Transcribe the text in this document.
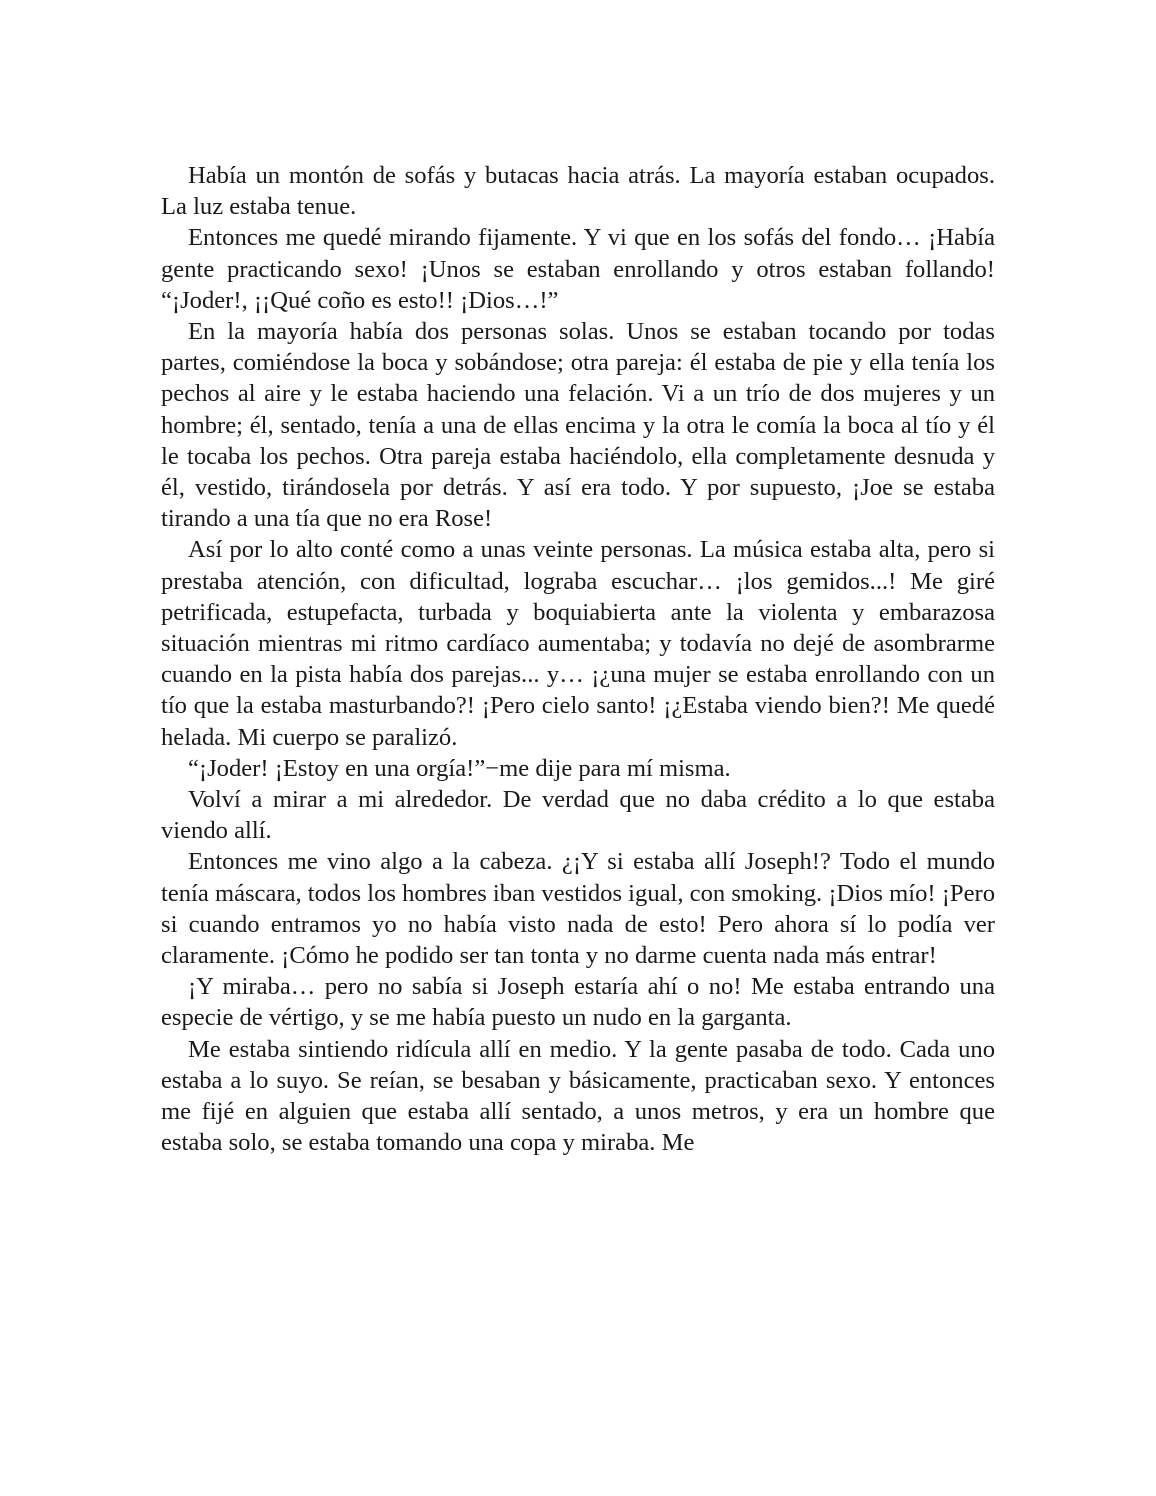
Había un montón de sofás y butacas hacia atrás. La mayoría estaban ocupados. La luz estaba tenue.

Entonces me quedé mirando fijamente. Y vi que en los sofás del fondo… ¡Había gente practicando sexo! ¡Unos se estaban enrollando y otros estaban follando! “¡Joder!, ¡¡Qué coño es esto!! ¡Dios…!”

En la mayoría había dos personas solas. Unos se estaban tocando por todas partes, comiéndose la boca y sobándose; otra pareja: él estaba de pie y ella tenía los pechos al aire y le estaba haciendo una felación. Vi a un trío de dos mujeres y un hombre; él, sentado, tenía a una de ellas encima y la otra le comía la boca al tío y él le tocaba los pechos. Otra pareja estaba haciéndolo, ella completamente desnuda y él, vestido, tirándosela por detrás. Y así era todo. Y por supuesto, ¡Joe se estaba tirando a una tía que no era Rose!

Así por lo alto conté como a unas veinte personas. La música estaba alta, pero si prestaba atención, con dificultad, lograba escuchar… ¡los gemidos...! Me giré petrificada, estupefacta, turbada y boquiabierta ante la violenta y embarazosa situación mientras mi ritmo cardíaco aumentaba; y todavía no dejé de asombrarme cuando en la pista había dos parejas... y… ¡¿una mujer se estaba enrollando con un tío que la estaba masturbando?! ¡Pero cielo santo! ¡¿Estaba viendo bien?! Me quedé helada. Mi cuerpo se paralizó.

“¡Joder! ¡Estoy en una orgía!”−me dije para mí misma.

Volví a mirar a mi alrededor. De verdad que no daba crédito a lo que estaba viendo allí.

Entonces me vino algo a la cabeza. ¿¡Y si estaba allí Joseph!? Todo el mundo tenía máscara, todos los hombres iban vestidos igual, con smoking. ¡Dios mío! ¡Pero si cuando entramos yo no había visto nada de esto! Pero ahora sí lo podía ver claramente. ¡Cómo he podido ser tan tonta y no darme cuenta nada más entrar!

¡Y miraba… pero no sabía si Joseph estaría ahí o no! Me estaba entrando una especie de vértigo, y se me había puesto un nudo en la garganta.

Me estaba sintiendo ridícula allí en medio. Y la gente pasaba de todo. Cada uno estaba a lo suyo. Se reían, se besaban y básicamente, practicaban sexo. Y entonces me fijé en alguien que estaba allí sentado, a unos metros, y era un hombre que estaba solo, se estaba tomando una copa y miraba. Me
